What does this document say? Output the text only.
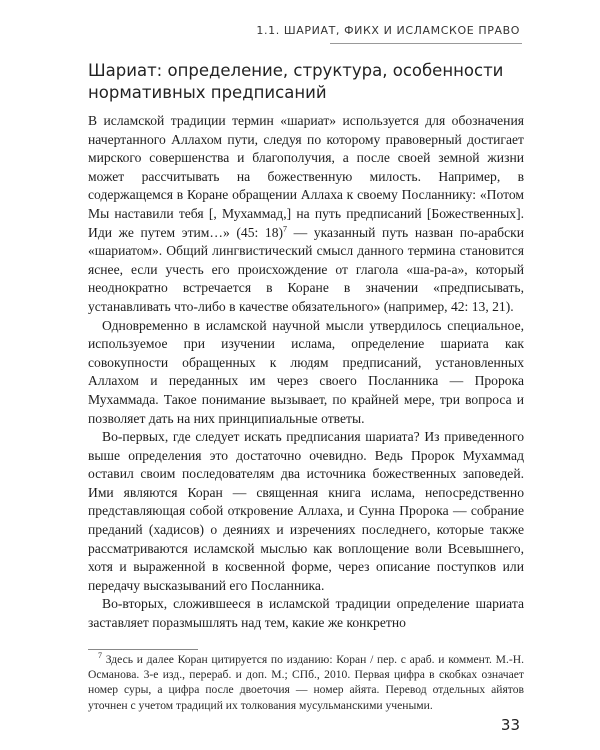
1.1. ШАРИАТ, ФИКХ И ИСЛАМСКОЕ ПРАВО
Шариат: определение, структура, особенности нормативных предписаний

В исламской традиции термин «шариат» используется для обозначения начертанного Аллахом пути, следуя по которому правоверный достигает мирского совершенства и благополучия, а после своей земной жизни может рассчитывать на божественную милость. Например, в содержащемся в Коране обращении Аллаха к своему Посланнику: «Потом Мы наставили тебя [, Мухаммад,] на путь предписаний [Божественных]. Иди же путем этим…» (45: 18)$^7$ — указанный путь назван по-арабски «шариатом». Общий лингвистический смысл данного термина становится яснее, если учесть его происхождение от глагола «ша-ра-а», который неоднократно встречается в Коране в значении «предписывать, устанавливать что-либо в качестве обязательного» (например, 42: 13, 21).

Одновременно в исламской научной мысли утвердилось специальное, используемое при изучении ислама, определение шариата как совокупности обращенных к людям предписаний, установленных Аллахом и переданных им через своего Посланника — Пророка Мухаммада. Такое понимание вызывает, по крайней мере, три вопроса и позволяет дать на них принципиальные ответы.

Во-первых, где следует искать предписания шариата? Из приведенного выше определения это достаточно очевидно. Ведь Пророк Мухаммад оставил своим последователям два источника божественных заповедей. Ими являются Коран — священная книга ислама, непосредственно представляющая собой откровение Аллаха, и Сунна Пророка — собрание преданий (хадисов) о деяниях и изречениях последнего, которые также рассматриваются исламской мыслью как воплощение воли Всевышнего, хотя и выраженной в косвенной форме, через описание поступков или передачу высказываний его Посланника.

Во-вторых, сложившееся в исламской традиции определение шариата заставляет поразмышлять над тем, какие же конкретно

$^7$ Здесь и далее Коран цитируется по изданию: Коран / пер. с араб. и коммент. М.-Н. Османова. 3-е изд., перераб. и доп. М.; СПб., 2010. Первая цифра в скобках означает номер суры, а цифра после двоеточия — номер айята. Перевод отдельных айятов уточнен с учетом традиций их толкования мусульманскими учеными.

33
